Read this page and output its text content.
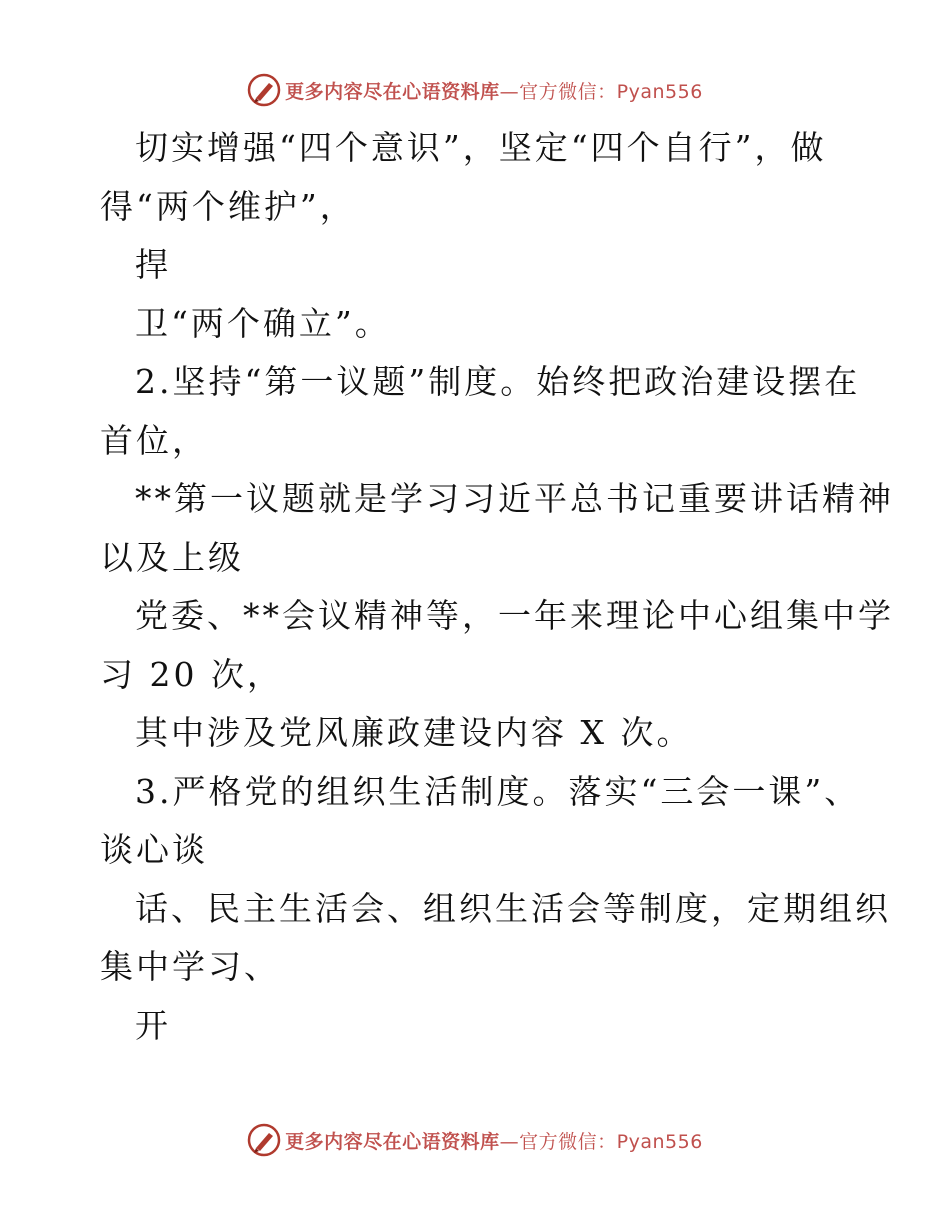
更多内容尽在心语资料库—官方微信：Pyan556
切实增强“四个意识”，坚定“四个自行”，做
得“两个维护”，
捍
卫“两个确立”。
2.坚持“第一议题”制度。始终把政治建设摆在
首位，
**第一议题就是学习习近平总书记重要讲话精神
以及上级
党委、**会议精神等，一年来理论中心组集中学
习 20 次，
其中涉及党风廉政建设内容 X 次。
3.严格党的组织生活制度。落实“三会一课”、
谈心谈
话、民主生活会、组织生活会等制度，定期组织
集中学习、
开
更多内容尽在心语资料库—官方微信：Pyan556
